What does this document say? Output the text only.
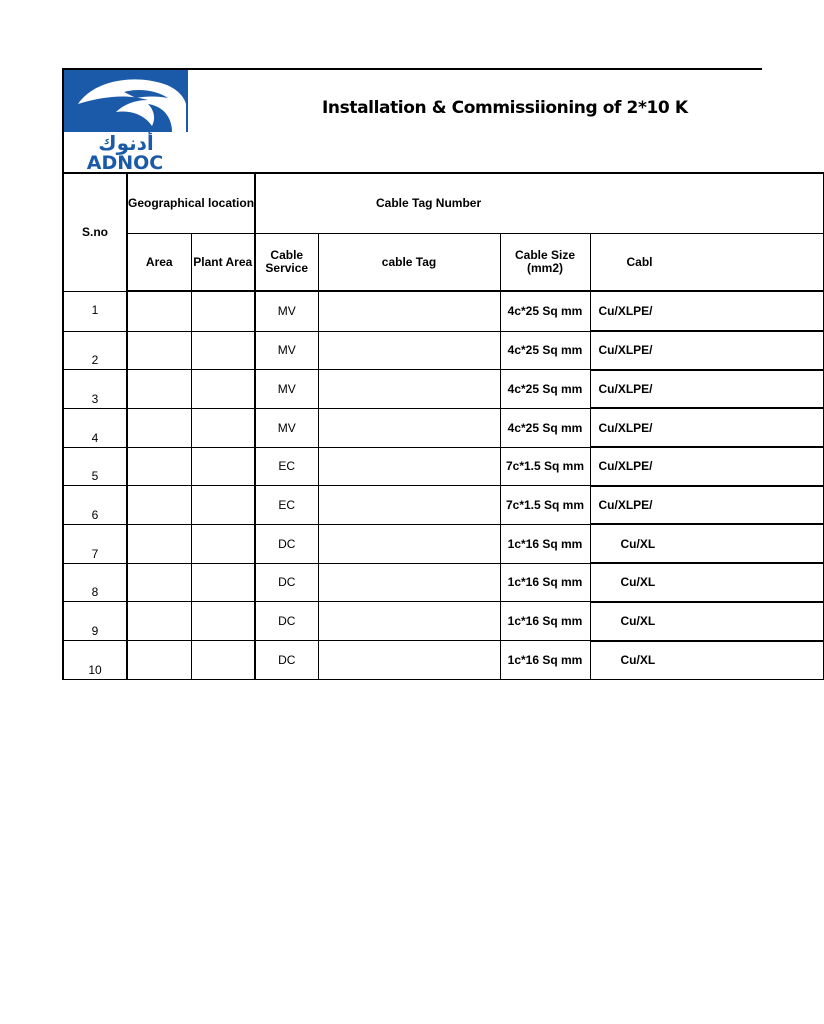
أدنوك
ADNOC
Installation & Commissiioning of 2*10 K
S.no	Geographical location		Cable Tag Number			
	Area	Plant Area	Cable Service	cable Tag	Cable Size (mm2)	Cabl
1			MV		4c*25 Sq mm	Cu/XLPE/
2			MV		4c*25 Sq mm	Cu/XLPE/
3			MV		4c*25 Sq mm	Cu/XLPE/
4			MV		4c*25 Sq mm	Cu/XLPE/
5			EC		7c*1.5 Sq mm	Cu/XLPE/
6			EC		7c*1.5 Sq mm	Cu/XLPE/
7			DC		1c*16 Sq mm	Cu/XL
8			DC		1c*16 Sq mm	Cu/XL
9			DC		1c*16 Sq mm	Cu/XL
10			DC		1c*16 Sq mm	Cu/XL
